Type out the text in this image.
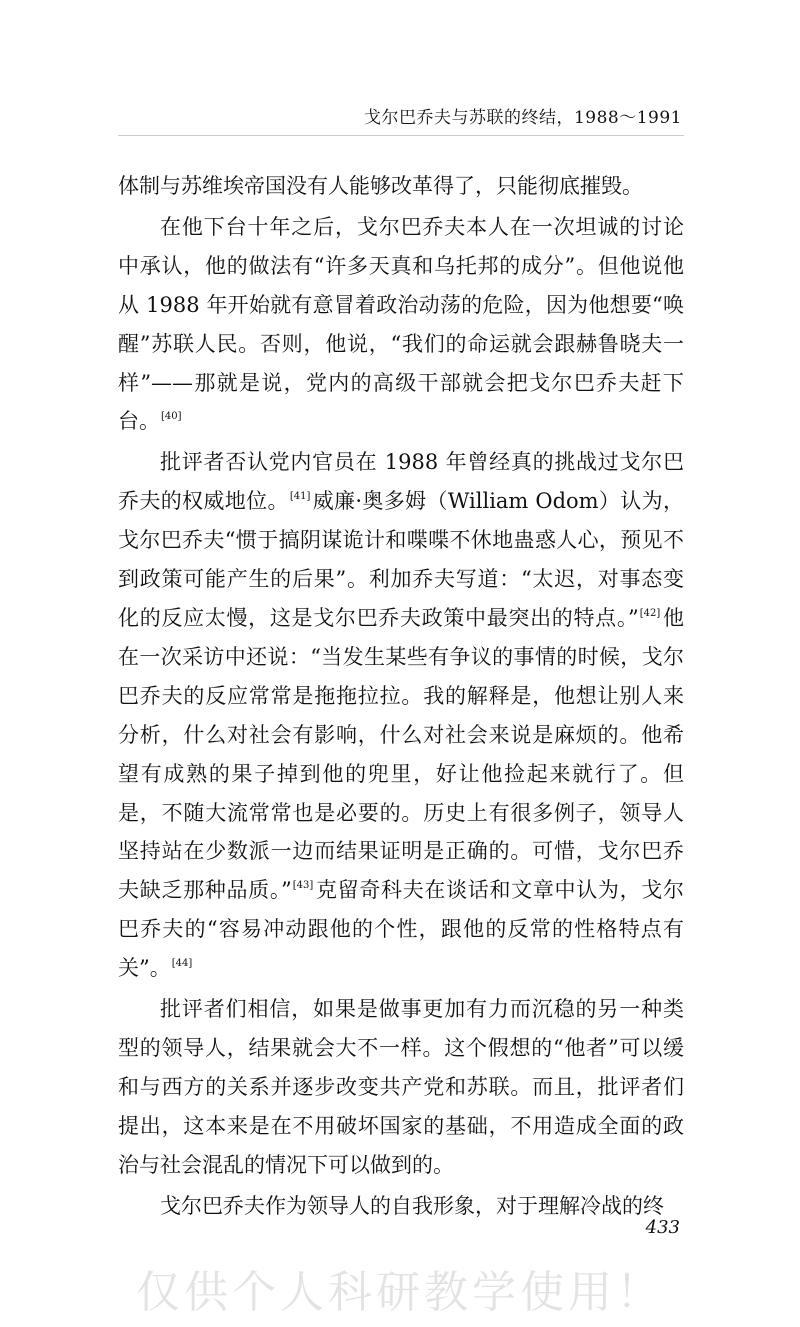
戈尔巴乔夫与苏联的终结，1988～1991

体制与苏维埃帝国没有人能够改革得了，只能彻底摧毁。

在他下台十年之后，戈尔巴乔夫本人在一次坦诚的讨论中承认，他的做法有“许多天真和乌托邦的成分”。但他说他从 1988 年开始就有意冒着政治动荡的危险，因为他想要“唤醒”苏联人民。否则，他说，“我们的命运就会跟赫鲁晓夫一样”——那就是说，党内的高级干部就会把戈尔巴乔夫赶下台。[40]

批评者否认党内官员在 1988 年曾经真的挑战过戈尔巴乔夫的权威地位。[41]威廉·奥多姆（William Odom）认为，戈尔巴乔夫“惯于搞阴谋诡计和喋喋不休地蛊惑人心，预见不到政策可能产生的后果”。利加乔夫写道：“太迟，对事态变化的反应太慢，这是戈尔巴乔夫政策中最突出的特点。”[42]他在一次采访中还说：“当发生某些有争议的事情的时候，戈尔巴乔夫的反应常常是拖拖拉拉。我的解释是，他想让别人来分析，什么对社会有影响，什么对社会来说是麻烦的。他希望有成熟的果子掉到他的兜里，好让他捡起来就行了。但是，不随大流常常也是必要的。历史上有很多例子，领导人坚持站在少数派一边而结果证明是正确的。可惜，戈尔巴乔夫缺乏那种品质。”[43]克留奇科夫在谈话和文章中认为，戈尔巴乔夫的“容易冲动跟他的个性，跟他的反常的性格特点有关”。[44]

批评者们相信，如果是做事更加有力而沉稳的另一种类型的领导人，结果就会大不一样。这个假想的“他者”可以缓和与西方的关系并逐步改变共产党和苏联。而且，批评者们提出，这本来是在不用破坏国家的基础，不用造成全面的政治与社会混乱的情况下可以做到的。

戈尔巴乔夫作为领导人的自我形象，对于理解冷战的终

433
仅供个人科研教学使用！
